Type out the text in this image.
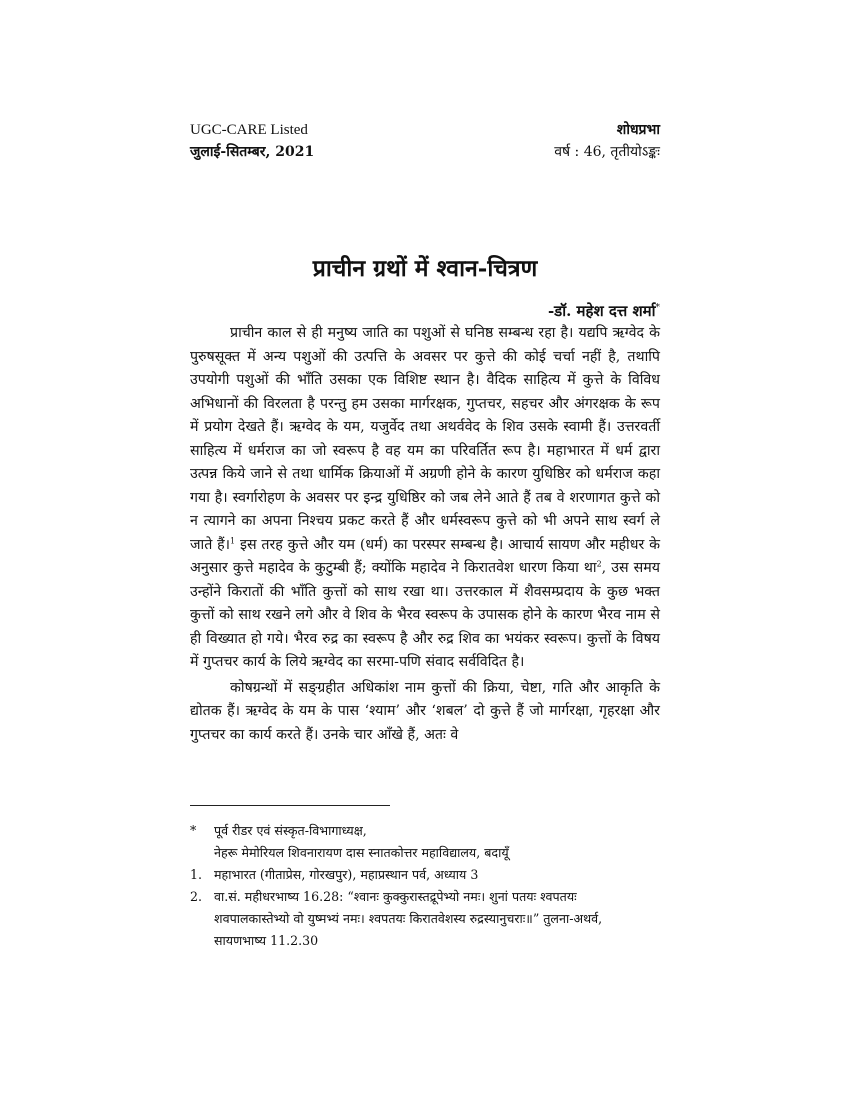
UGC-CARE Listed
जुलाई-सितम्बर, 2021
शोधप्रभा
वर्ष : 46, तृतीयोऽङ्कः
प्राचीन ग्रथों में श्वान-चित्रण
-डॉ. महेश दत्त शर्मा*

प्राचीन काल से ही मनुष्य जाति का पशुओं से घनिष्ठ सम्बन्ध रहा है। यद्यपि ऋग्वेद के पुरुषसूक्त में अन्य पशुओं की उत्पत्ति के अवसर पर कुत्ते की कोई चर्चा नहीं है, तथापि उपयोगी पशुओं की भाँति उसका एक विशिष्ट स्थान है। वैदिक साहित्य में कुत्ते के विविध अभिधानों की विरलता है परन्तु हम उसका मार्गरक्षक, गुप्तचर, सहचर और अंगरक्षक के रूप में प्रयोग देखते हैं। ऋग्वेद के यम, यजुर्वेद तथा अथर्ववेद के शिव उसके स्वामी हैं। उत्तरवर्ती साहित्य में धर्मराज का जो स्वरूप है वह यम का परिवर्तित रूप है। महाभारत में धर्म द्वारा उत्पन्न किये जाने से तथा धार्मिक क्रियाओं में अग्रणी होने के कारण युधिष्ठिर को धर्मराज कहा गया है। स्वर्गारोहण के अवसर पर इन्द्र युधिष्ठिर को जब लेने आते हैं तब वे शरणागत कुत्ते को न त्यागने का अपना निश्चय प्रकट करते हैं और धर्मस्वरूप कुत्ते को भी अपने साथ स्वर्ग ले जाते हैं।$^1$ इस तरह कुत्ते और यम (धर्म) का परस्पर सम्बन्ध है। आचार्य सायण और महीधर के अनुसार कुत्ते महादेव के कुटुम्बी हैं; क्योंकि महादेव ने किरातवेश धारण किया था$^2$, उस समय उन्होंने किरातों की भाँति कुत्तों को साथ रखा था। उत्तरकाल में शैवसम्प्रदाय के कुछ भक्त कुत्तों को साथ रखने लगे और वे शिव के भैरव स्वरूप के उपासक होने के कारण भैरव नाम से ही विख्यात हो गये। भैरव रुद्र का स्वरूप है और रुद्र शिव का भयंकर स्वरूप। कुत्तों के विषय में गुप्तचर कार्य के लिये ऋग्वेद का सरमा-पणि संवाद सर्वविदित है।

कोषग्रन्थों में सङ्ग्रहीत अधिकांश नाम कुत्तों की क्रिया, चेष्टा, गति और आकृति के द्योतक हैं। ऋग्वेद के यम के पास ‘श्याम’ और ‘शबल’ दो कुत्ते हैं जो मार्गरक्षा, गृहरक्षा और गुप्तचर का कार्य करते हैं। उनके चार आँखे हैं, अतः वे

* पूर्व रीडर एवं संस्कृत-विभागाध्यक्ष,
नेहरू मेमोरियल शिवनारायण दास स्नातकोत्तर महाविद्यालय, बदायूँ
1. महाभारत (गीताप्रेस, गोरखपुर), महाप्रस्थान पर्व, अध्याय 3
2. वा.सं. महीधरभाष्य 16.28: “श्वानः कुक्कुरास्तद्रूपेभ्यो नमः। शुनां पतयः श्वपतयः
शवपालकास्तेभ्यो वो युष्मभ्यं नमः। श्वपतयः किरातवेशस्य रुद्रस्यानुचराः॥” तुलना-अथर्व,
सायणभाष्य 11.2.30
